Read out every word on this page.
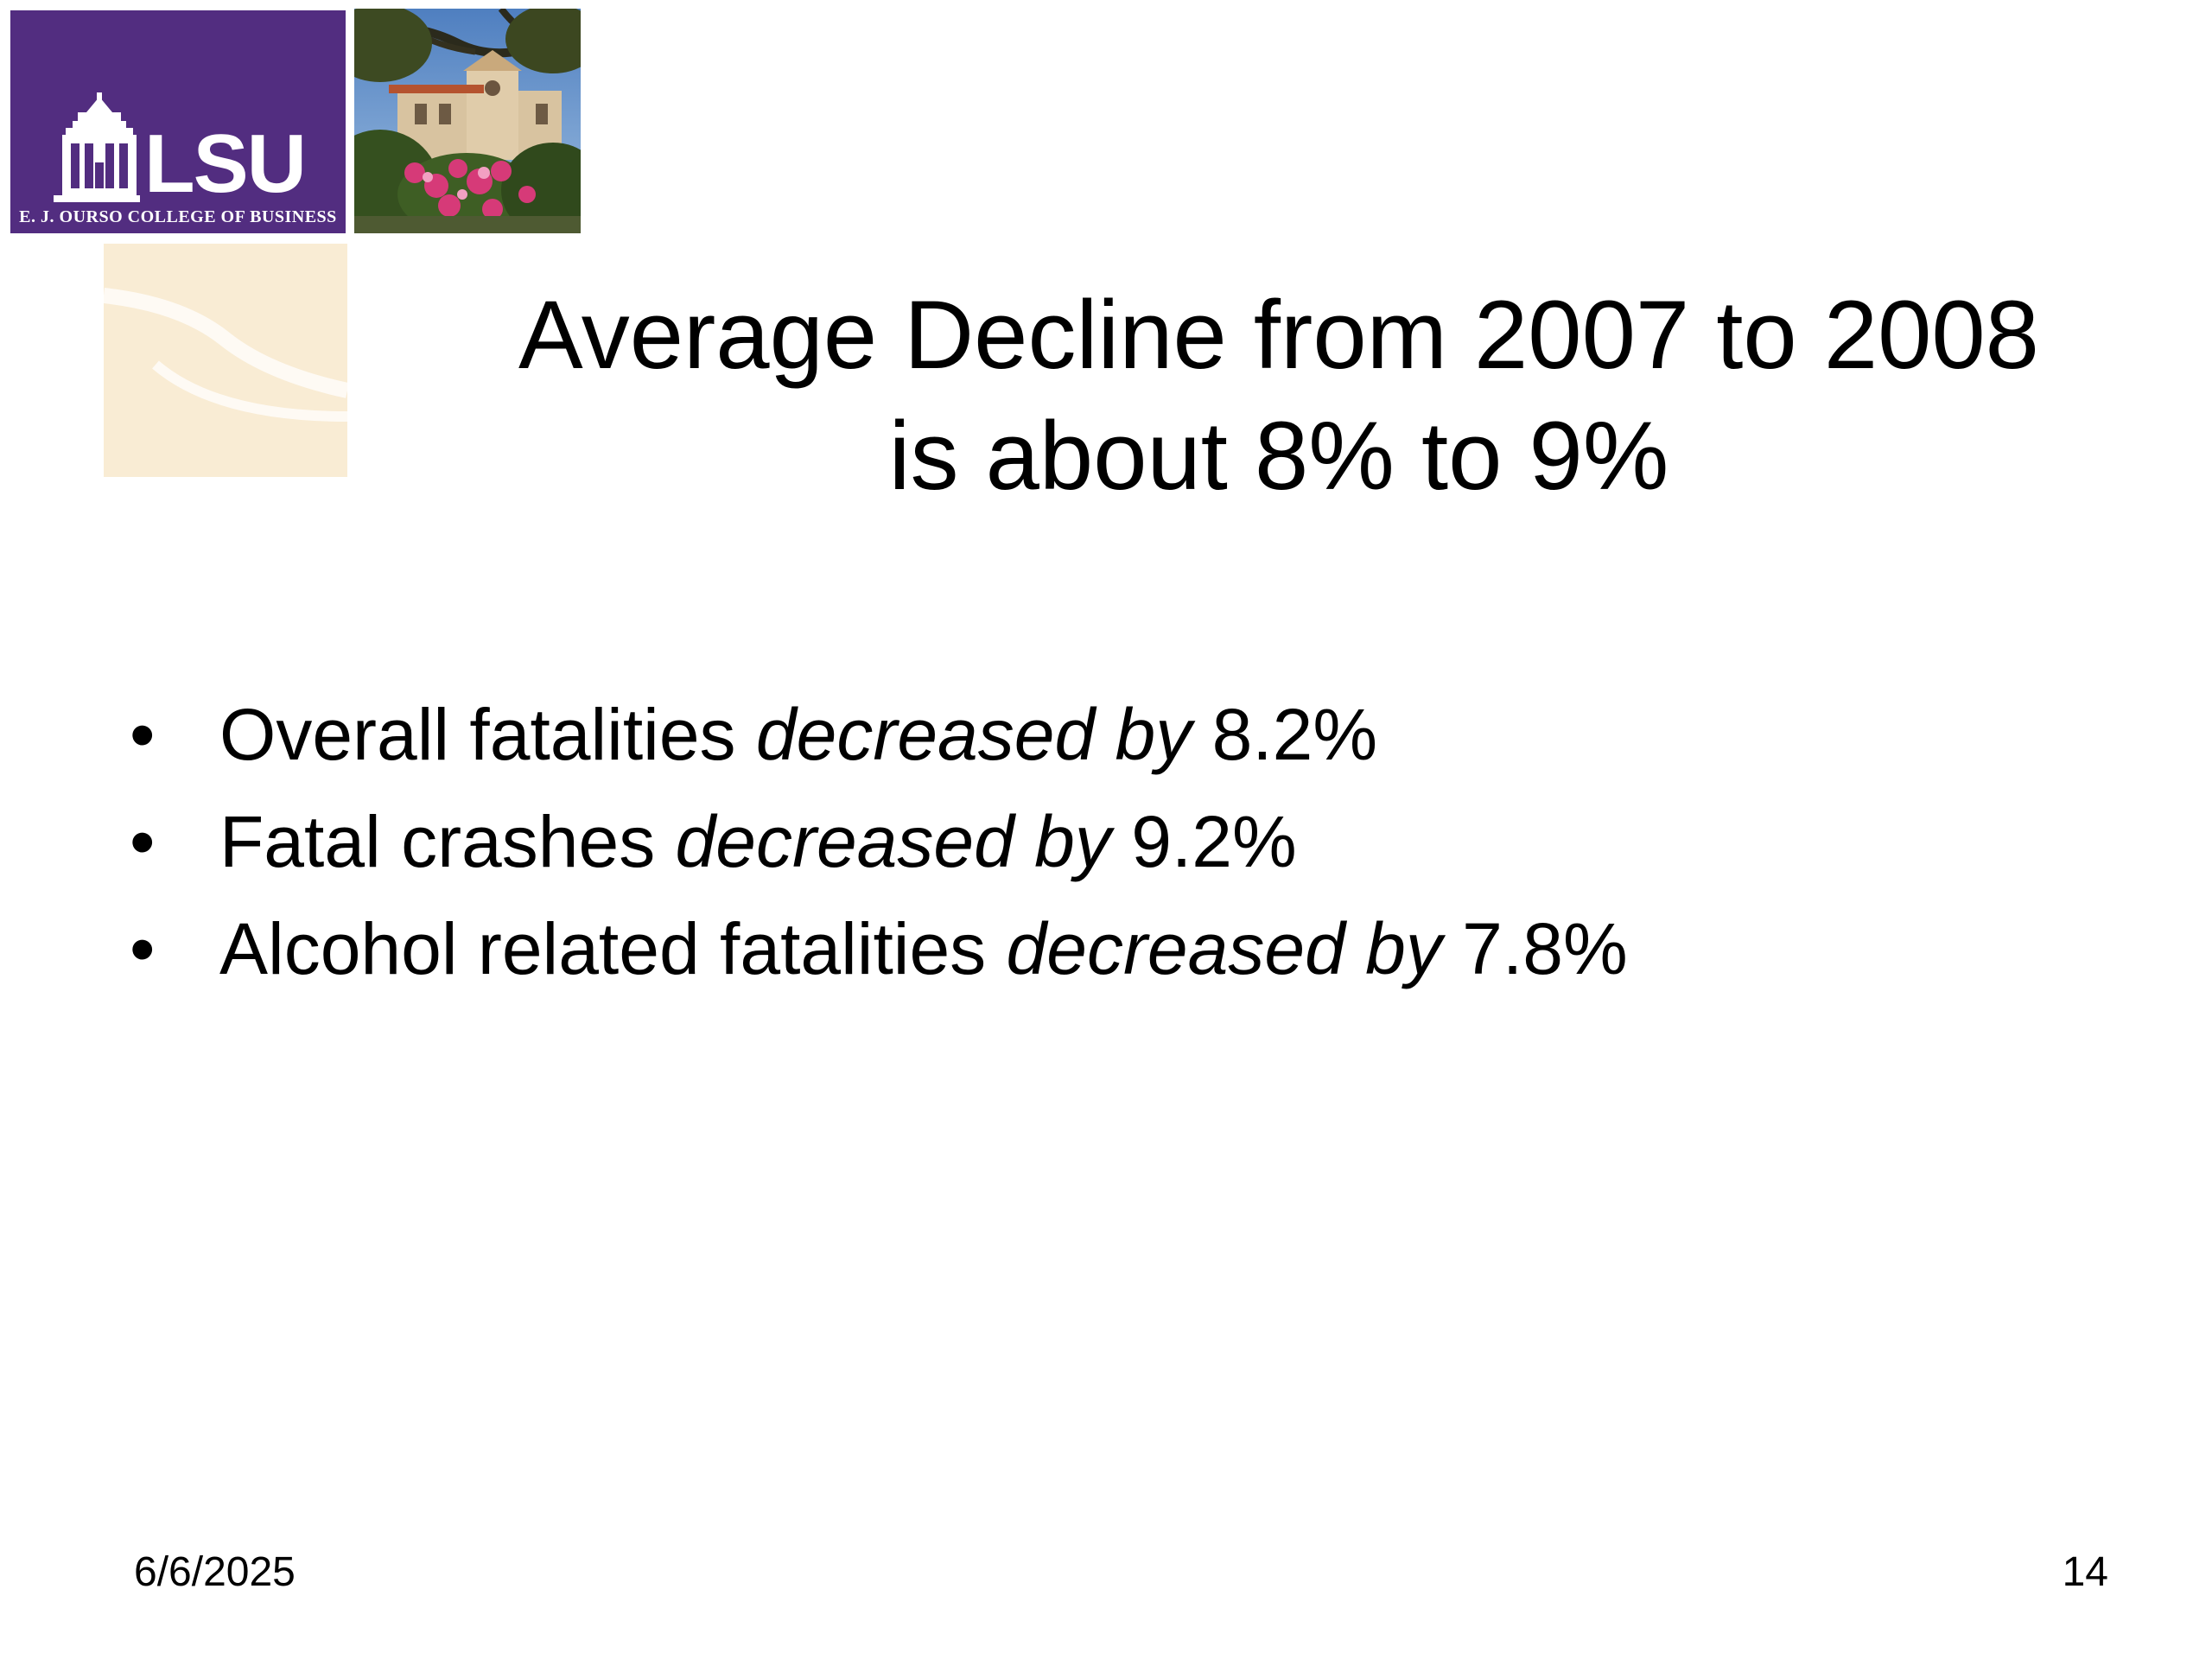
LSU
E. J. OURSO COLLEGE OF BUSINESS
Average Decline from 2007 to 2008
is about 8% to 9%
• Overall fatalities decreased by 8.2%
• Fatal crashes decreased by 9.2%
• Alcohol related fatalities decreased by 7.8%
6/6/2025	14
